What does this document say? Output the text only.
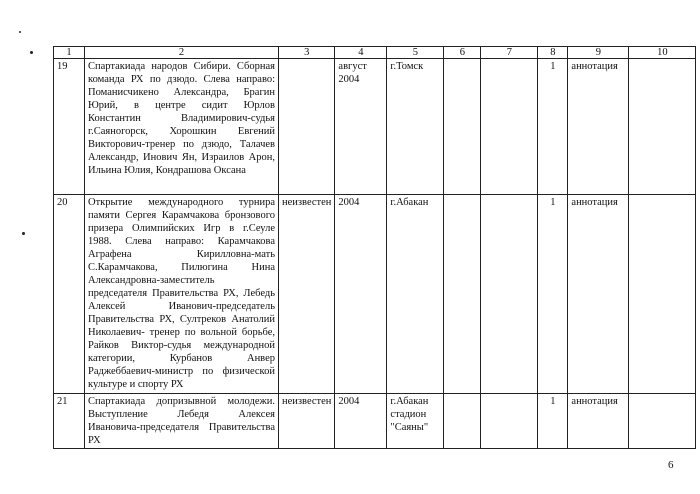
1	2	3	4	5	6	7	8	9	10
19	Спартакиада народов Сибири. Сборная команда РХ по дзюдо. Слева направо: Поманисчикено Александра, Брагин Юрий, в центре сидит Юрлов Константин Владимирович-судья г.Саяногорск, Хорошкин Евгений Викторович-тренер по дзюдо, Талачев Александр, Инович Ян, Израилов Арон, Ильина Юлия, Кондрашова Оксана		август 2004	г.Томск			1	аннотация	
20	Открытие международного турнира памяти Сергея Карамчакова бронзового призера Олимпийских Игр в г.Сеуле 1988. Слева направо: Карамчакова Аграфена Кирилловна-мать С.Карамчакова, Пилюгина Нина Александровна-заместитель председателя Правительства РХ, Лебедь Алексей Иванович-председатель Правительства РХ, Султреков Анатолий Николаевич- тренер по вольной борьбе, Райков Виктор-судья международной категории, Курбанов Анвер Раджеббаевич-министр по физической культуре и спорту РХ	неизвестен	2004	г.Абакан			1	аннотация	
21	Спартакиада допризывной молодежи. Выступление Лебедя Алексея Ивановича-председателя Правительства РХ	неизвестен	2004	г.Абакан стадион "Саяны"			1	аннотация	
6
